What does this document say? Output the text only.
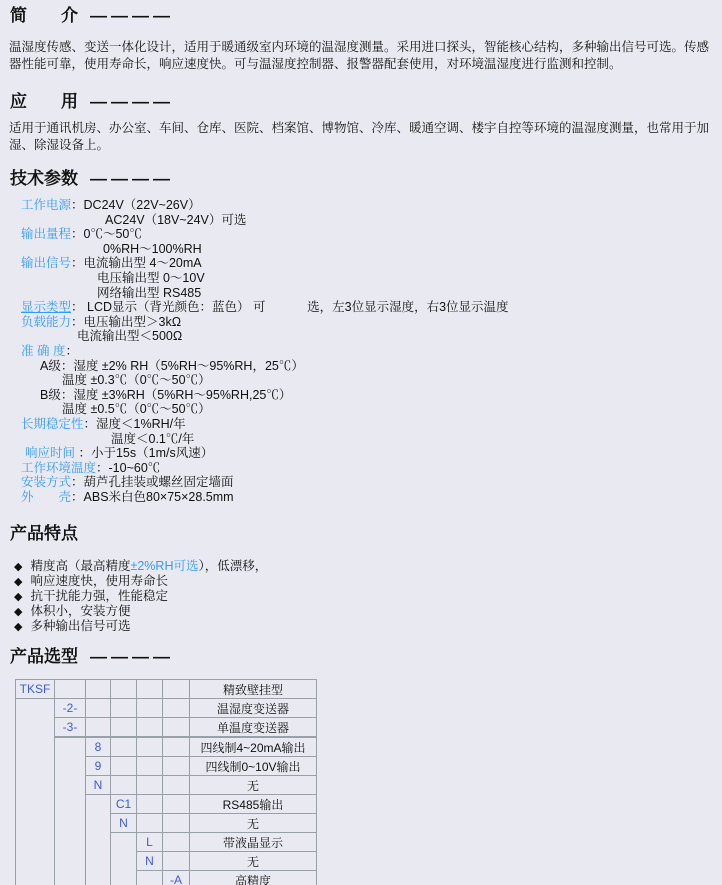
简　　介 ————

温湿度传感、变送一体化设计，适用于暖通级室内环境的温湿度测量。采用进口探头，智能核心结构，多种输出信号可选。传感器性能可靠，使用寿命长，响应速度快。可与温湿度控制器、报警器配套使用，对环境温湿度进行监测和控制。

应　　用 ————

适用于通讯机房、办公室、车间、仓库、医院、档案馆、博物馆、冷库、暖通空调、楼宇自控等环境的温湿度测量，也常用于加湿、除湿设备上。

技术参数 ————
工作电源：DC24V（22V~26V）
AC24V（18V~24V）可选
输出量程：0℃～50℃
0%RH～100%RH
输出信号：电流输出型 4～20mA
电压输出型 0～10V
网络输出型 RS485
显示类型： LCD显示（背光颜色：蓝色） 可            选，左3位显示湿度，右3位显示温度
负载能力：电压输出型＞3kΩ
电流输出型＜500Ω
准 确 度：
A级：湿度 ±2% RH（5%RH～95%RH，25℃）
温度 ±0.3℃（0℃～50℃）
B级：湿度 ±3%RH（5%RH～95%RH,25℃）
温度 ±0.5℃（0℃～50℃）
长期稳定性：湿度＜1%RH/年
温度＜0.1℃/年
响应时间 ：小于15s（1m/s风速）
工作环境温度：-10~60℃
安装方式：葫芦孔挂装或螺丝固定墙面
外　　壳：ABS米白色80×75×28.5mm
产品特点
◆ 精度高（最高精度±2%RH可选），低漂移，
◆ 响应速度快，使用寿命长
◆ 抗干扰能力强，性能稳定
◆ 体积小，安装方便
◆ 多种输出信号可选
产品选型 ————
TKSF						精致壁挂型
	-2-					温湿度变送器
	-3-					单温度变送器
		8				四线制4~20mA输出
		9				四线制0~10V输出
		N				无
			C1			RS485输出
			N			无
				L		带液晶显示
				N		无
					-A	高精度
